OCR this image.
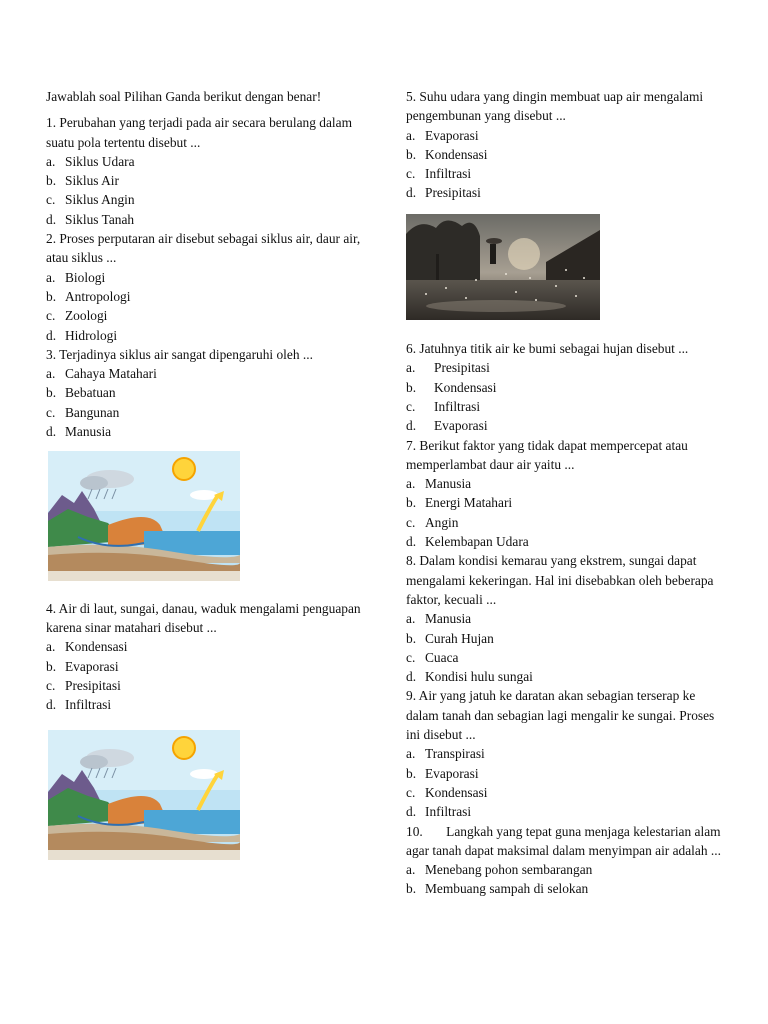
Jawablah soal Pilihan Ganda berikut dengan benar!

1. Perubahan yang terjadi pada air secara berulang dalam suatu pola tertentu disebut ...

a. Siklus Udara
b. Siklus Air
c. Siklus Angin
d. Siklus Tanah

2. Proses perputaran air disebut sebagai siklus air, daur air, atau siklus ...

a. Biologi
b. Antropologi
c. Zoologi
d. Hidrologi

3. Terjadinya siklus air sangat dipengaruhi oleh ...

a. Cahaya Matahari
b. Bebatuan
c. Bangunan
d. Manusia

4. Air di laut, sungai, danau, waduk mengalami penguapan karena sinar matahari disebut ...

a. Kondensasi
b. Evaporasi
c. Presipitasi
d. Infiltrasi

5. Suhu udara yang dingin membuat uap air mengalami pengembunan yang disebut ...

a. Evaporasi
b. Kondensasi
c. Infiltrasi
d. Presipitasi

6. Jatuhnya titik air ke bumi sebagai hujan disebut ...

a.	Presipitasi
b.	Kondensasi
c.	Infiltrasi
d.	Evaporasi

7. Berikut faktor yang tidak dapat mempercepat atau memperlambat daur air yaitu ...

a. Manusia
b. Energi Matahari
c. Angin
d. Kelembapan Udara

8. Dalam kondisi kemarau yang ekstrem, sungai dapat mengalami kekeringan. Hal ini disebabkan oleh beberapa faktor, kecuali ...

a. Manusia
b. Curah Hujan
c. Cuaca
d. Kondisi hulu sungai

9. Air yang jatuh ke daratan akan sebagian terserap ke dalam tanah dan sebagian lagi mengalir ke sungai. Proses ini disebut ...

a. Transpirasi
b. Evaporasi
c. Kondensasi
d. Infiltrasi

10.       Langkah yang tepat guna menjaga kelestarian alam agar tanah dapat maksimal dalam menyimpan air adalah ...

a. Menebang pohon sembarangan
b. Membuang sampah di selokan
